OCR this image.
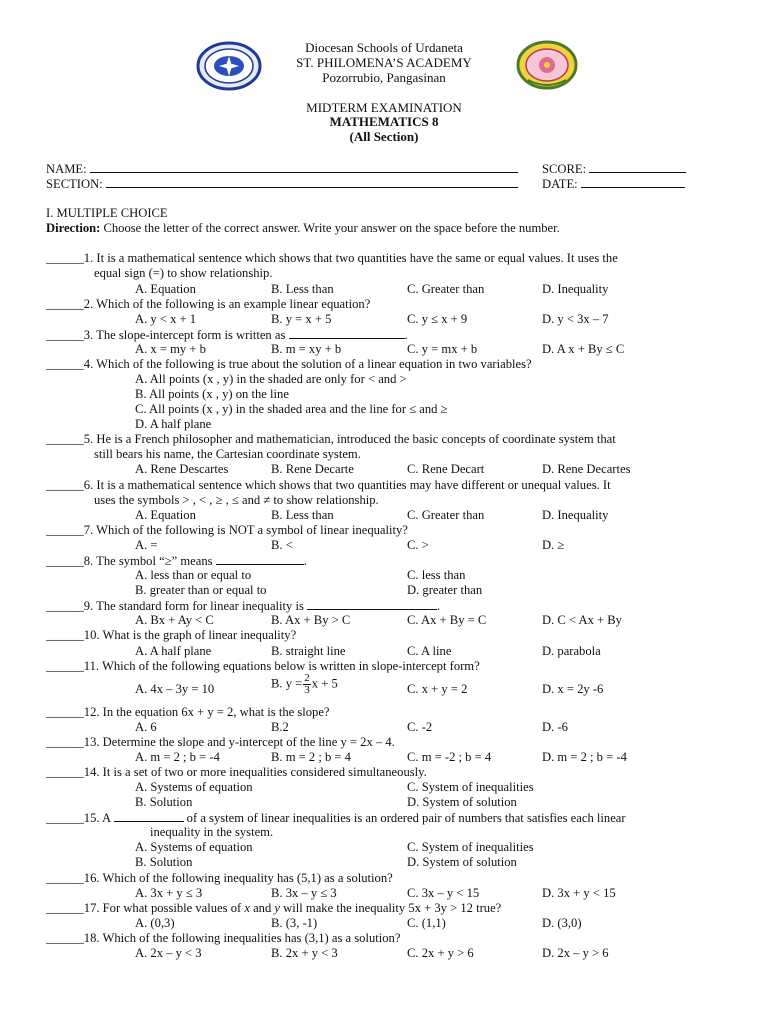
Diocesan Schools of Urdaneta
ST. PHILOMENA’S ACADEMY
Pozorrubio, Pangasinan
MIDTERM EXAMINATION
MATHEMATICS 8
(All Section)
NAME:	SCORE:
SECTION:	DATE:
I. MULTIPLE CHOICE
Direction: Choose the letter of the correct answer. Write your answer on the space before the number.
______1. It is a mathematical sentence which shows that two quantities have the same or equal values. It uses the
equal sign (=) to show relationship.
A. Equation	B. Less than	C. Greater than	D. Inequality
______2. Which of the following is an example linear equation?
A. y < x + 1	B. y = x + 5	C. y ≤ x + 9	D. y < 3x – 7
______3. The slope-intercept form is written as	.
A. x = my + b	B. m = xy + b	C. y = mx + b	D. A x + By ≤ C
______4. Which of the following is true about the solution of a linear equation in two variables?
A. All points (x , y) in the shaded are only for < and >
B. All points (x , y) on the line
C. All points (x , y) in the shaded area and the line for ≤ and ≥
D. A half plane
______5. He is a French philosopher and mathematician, introduced the basic concepts of coordinate system that
still bears his name, the Cartesian coordinate system.
A. Rene Descartes	B. Rene Decarte	C. Rene Decart	D. Rene Decartes
______6. It is a mathematical sentence which shows that two quantities may have different or unequal values. It
uses the symbols > , < , ≥ , ≤ and ≠ to show relationship.
A. Equation	B. Less than	C. Greater than	D. Inequality
______7. Which of the following is NOT a symbol of linear inequality?
A. =	B. <	C. >	D. ≥
______8. The symbol “≥” means	.
A. less than or equal to	C. less than
B. greater than or equal to	D. greater than
______9. The standard form for linear inequality is	.
A. Bx + Ay < C	B. Ax + By > C	C. Ax + By = C	D. C < Ax + By
______10. What is the graph of linear inequality?
A. A half plane	B. straight line	C. A line	D. parabola
______11. Which of the following equations below is written in slope-intercept form?
A. 4x – 3y = 10	B. $y = \frac{2}{3}$ x + 5	C. x + y = 2	D. x = 2y -6
______12. In the equation 6x + y = 2, what is the slope?
A. 6	B.2	C. -2	D. -6
______13. Determine the slope and y-intercept of the line y = 2x – 4.
A. m = 2 ; b = -4	B. m = 2 ; b = 4	C. m = -2 ; b = 4	D. m = 2 ; b = -4
______14. It is a set of two or more inequalities considered simultaneously.
A. Systems of equation	C. System of inequalities
B. Solution	D. System of solution
______15. A	of a system of linear inequalities is an ordered pair of numbers that satisfies each linear
inequality in the system.
A. Systems of equation	C. System of inequalities
B. Solution	D. System of solution
______16. Which of the following inequality has (5,1) as a solution?
A. 3x + y ≤ 3	B. 3x – y ≤ 3	C. 3x – y < 15	D. 3x + y < 15
______17. For what possible values of x and y will make the inequality 5x + 3y > 12 true?
A. (0,3)	B. (3, -1)	C. (1,1)	D. (3,0)
______18. Which of the following inequalities has (3,1) as a solution?
A. 2x – y < 3	B. 2x + y < 3	C. 2x + y > 6	D. 2x – y > 6
